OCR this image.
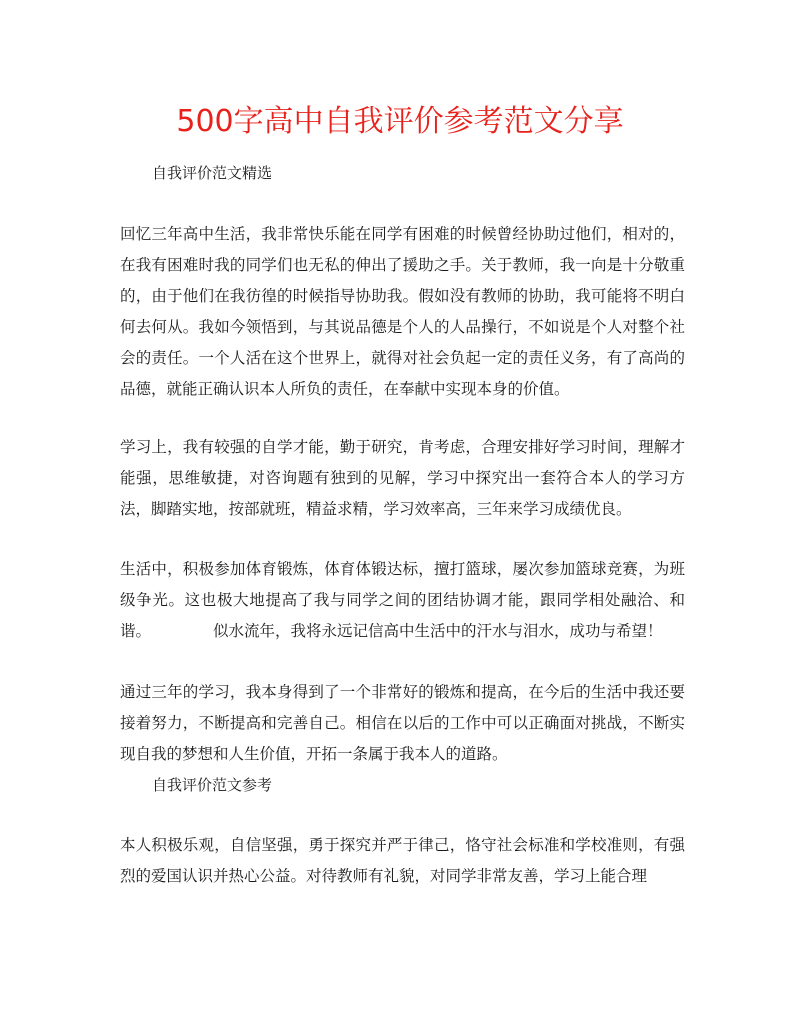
500字高中自我评价参考范文分享

自我评价范文精选

回忆三年高中生活，我非常快乐能在同学有困难的时候曾经协助过他们，相对的，在我有困难时我的同学们也无私的伸出了援助之手。关于教师，我一向是十分敬重的，由于他们在我彷徨的时候指导协助我。假如没有教师的协助，我可能将不明白何去何从。我如今领悟到，与其说品德是个人的人品操行，不如说是个人对整个社会的责任。一个人活在这个世界上，就得对社会负起一定的责任义务，有了高尚的品德，就能正确认识本人所负的责任，在奉献中实现本身的价值。

学习上，我有较强的自学才能，勤于研究，肯考虑，合理安排好学习时间，理解才能强，思维敏捷，对咨询题有独到的见解，学习中探究出一套符合本人的学习方法，脚踏实地，按部就班，精益求精，学习效率高，三年来学习成绩优良。

生活中，积极参加体育锻炼，体育体锻达标，擅打篮球，屡次参加篮球竞赛，为班级争光。这也极大地提高了我与同学之间的团结协调才能，跟同学相处融洽、和谐。	似水流年，我将永远记信高中生活中的汗水与泪水，成功与希望！

通过三年的学习，我本身得到了一个非常好的锻炼和提高，在今后的生活中我还要接着努力，不断提高和完善自己。相信在以后的工作中可以正确面对挑战，不断实现自我的梦想和人生价值，开拓一条属于我本人的道路。

自我评价范文参考

本人积极乐观，自信坚强，勇于探究并严于律己，恪守社会标准和学校准则，有强烈的爱国认识并热心公益。对待教师有礼貌，对同学非常友善，学习上能合理
